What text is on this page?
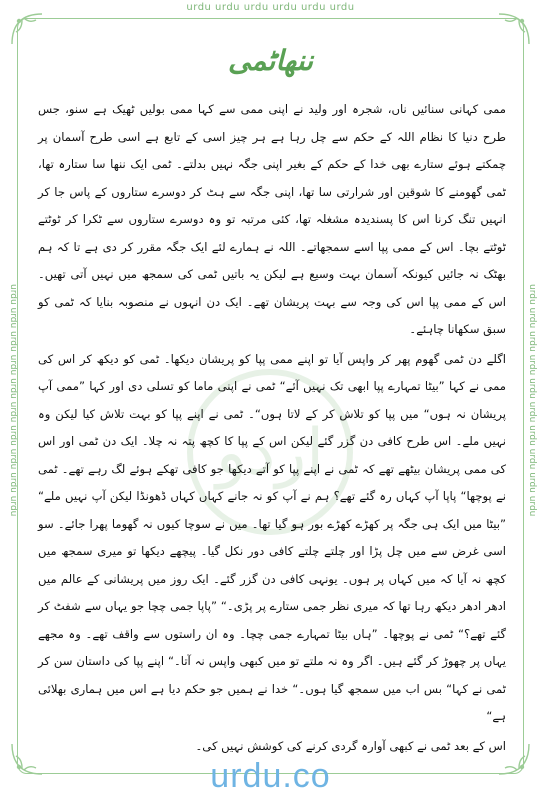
urdu urdu urdu urdu urdu urdu
urdu urdu urdu urdu urdu urdu urdu urdu urdu urdu	urdu urdu urdu urdu urdu urdu urdu urdu urdu urdu
اردو
ننھاٹمی

ممی کہانی سنائیں ناں، شجرہ اور ولید نے اپنی ممی سے کہا ممی بولیں ٹھیک ہے سنو، جس طرح دنیا کا نظام اللہ کے حکم سے چل رہا ہے ہر چیز اسی کے تابع ہے اسی طرح آسمان پر چمکتے ہوئے ستارے بھی خدا کے حکم کے بغیر اپنی جگہ نہیں بدلتے۔ ٹمی ایک ننھا سا ستارہ تھا، ٹمی گھومنے کا شوقین اور شرارتی سا تھا، اپنی جگہ سے ہٹ کر دوسرے ستاروں کے پاس جا کر انہیں تنگ کرنا اس کا پسندیدہ مشغلہ تھا، کئی مرتبہ تو وہ دوسرے ستاروں سے ٹکرا کر ٹوٹتے ٹوٹتے بچا۔ اس کے ممی پپا اسے سمجھاتے۔ اللہ نے ہمارے لئے ایک جگہ مقرر کر دی ہے تا کہ ہم بھٹک نہ جائیں کیونکہ آسمان بہت وسیع ہے لیکن یہ باتیں ٹمی کی سمجھ میں نہیں آتی تھیں۔ اس کے ممی پپا اس کی وجہ سے بہت پریشان تھے۔ ایک دن انہوں نے منصوبہ بنایا کہ ٹمی کو سبق سکھانا چاہئے۔

اگلے دن ٹمی گھوم پھر کر واپس آیا تو اپنے ممی پپا کو پریشان دیکھا۔ ٹمی کو دیکھ کر اس کی ممی نے کہا ”بیٹا تمہارے پپا ابھی تک نہیں آئے“ ٹمی نے اپنی ماما کو تسلی دی اور کہا ”ممی آپ پریشان نہ ہوں“ میں پپا کو تلاش کر کے لاتا ہوں“۔ ٹمی نے اپنے پپا کو بہت تلاش کیا لیکن وہ نہیں ملے۔ اس طرح کافی دن گزر گئے لیکن اس کے پپا کا کچھ پتہ نہ چلا۔ ایک دن ٹمی اور اس کی ممی پریشان بیٹھے تھے کہ ٹمی نے اپنے پپا کو آتے دیکھا جو کافی تھکے ہوئے لگ رہے تھے۔ ٹمی نے پوچھا“ پاپا آپ کہاں رہ گئے تھے؟ ہم نے آپ کو نہ جانے کہاں کہاں ڈھونڈا لیکن آپ نہیں ملے“ ”بیٹا میں ایک ہی جگہ پر کھڑے کھڑے بور ہو گیا تھا۔ میں نے سوچا کیوں نہ گھوما پھرا جائے۔ سو اسی غرض سے میں چل پڑا اور چلتے چلتے کافی دور نکل گیا۔ پیچھے دیکھا تو میری سمجھ میں کچھ نہ آیا کہ میں کہاں پر ہوں۔ یونہی کافی دن گزر گئے۔ ایک روز میں پریشانی کے عالم میں ادھر ادھر دیکھ رہا تھا کہ میری نظر جمی ستارے پر پڑی۔“ ”پاپا جمی چچا جو یہاں سے شفٹ کر گئے تھے؟“ ٹمی نے پوچھا۔ ”ہاں بیٹا تمہارے جمی چچا۔ وہ ان راستوں سے واقف تھے۔ وہ مجھے یہاں پر چھوڑ کر گئے ہیں۔ اگر وہ نہ ملتے تو میں کبھی واپس نہ آتا۔“ اپنے پپا کی داستان سن کر ٹمی نے کہا“ بس اب میں سمجھ گیا ہوں۔“ خدا نے ہمیں جو حکم دیا ہے اس میں ہماری بھلائی ہے“

اس کے بعد ٹمی نے کبھی آوارہ گردی کرنے کی کوشش نہیں کی۔

urdu.co
